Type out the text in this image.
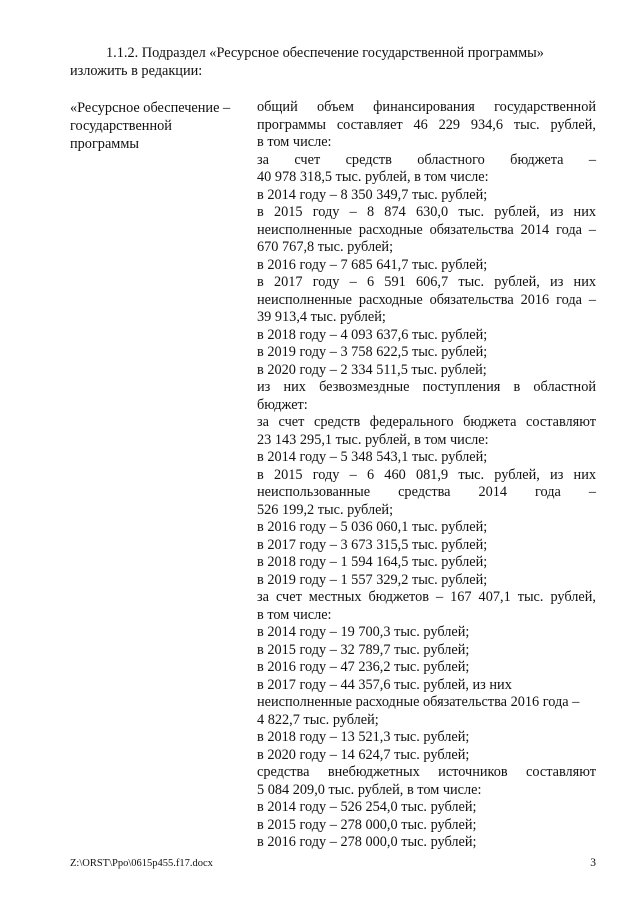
1.1.2. Подраздел «Ресурсное обеспечение государственной программы»
изложить в редакции:
«Ресурсное обеспечение –
государственной
программы

общий объем финансирования государственной

программы составляет 46 229 934,6 тыс. рублей,

в том числе:

за счет средств областного бюджета –

40 978 318,5 тыс. рублей, в том числе:

в 2014 году – 8 350 349,7 тыс. рублей;

в 2015 году – 8 874 630,0 тыс. рублей, из них

неисполненные расходные обязательства 2014 года –

670 767,8 тыс. рублей;

в 2016 году – 7 685 641,7 тыс. рублей;

в 2017 году – 6 591 606,7 тыс. рублей, из них

неисполненные расходные обязательства 2016 года –

39 913,4 тыс. рублей;

в 2018 году – 4 093 637,6 тыс. рублей;

в 2019 году – 3 758 622,5 тыс. рублей;

в 2020 году – 2 334 511,5 тыс. рублей;

из них безвозмездные поступления в областной

бюджет:

за счет средств федерального бюджета составляют

23 143 295,1 тыс. рублей, в том числе:

в 2014 году – 5 348 543,1 тыс. рублей;

в 2015 году – 6 460 081,9 тыс. рублей, из них

неиспользованные средства 2014 года –

526 199,2 тыс. рублей;

в 2016 году – 5 036 060,1 тыс. рублей;

в 2017 году – 3 673 315,5 тыс. рублей;

в 2018 году – 1 594 164,5 тыс. рублей;

в 2019 году – 1 557 329,2 тыс. рублей;

за счет местных бюджетов – 167 407,1 тыс. рублей,

в том числе:

в 2014 году – 19 700,3 тыс. рублей;

в 2015 году – 32 789,7 тыс. рублей;

в 2016 году – 47 236,2 тыс. рублей;

в 2017 году – 44 357,6 тыс. рублей, из них

неисполненные расходные обязательства 2016 года –

4 822,7 тыс. рублей;

в 2018 году – 13 521,3 тыс. рублей;

в 2020 году – 14 624,7 тыс. рублей;

средства внебюджетных источников составляют

5 084 209,0 тыс. рублей, в том числе:

в 2014 году – 526 254,0 тыс. рублей;

в 2015 году – 278 000,0 тыс. рублей;

в 2016 году – 278 000,0 тыс. рублей;

Z:\ORST\Ppo\0615p455.f17.docx	3
